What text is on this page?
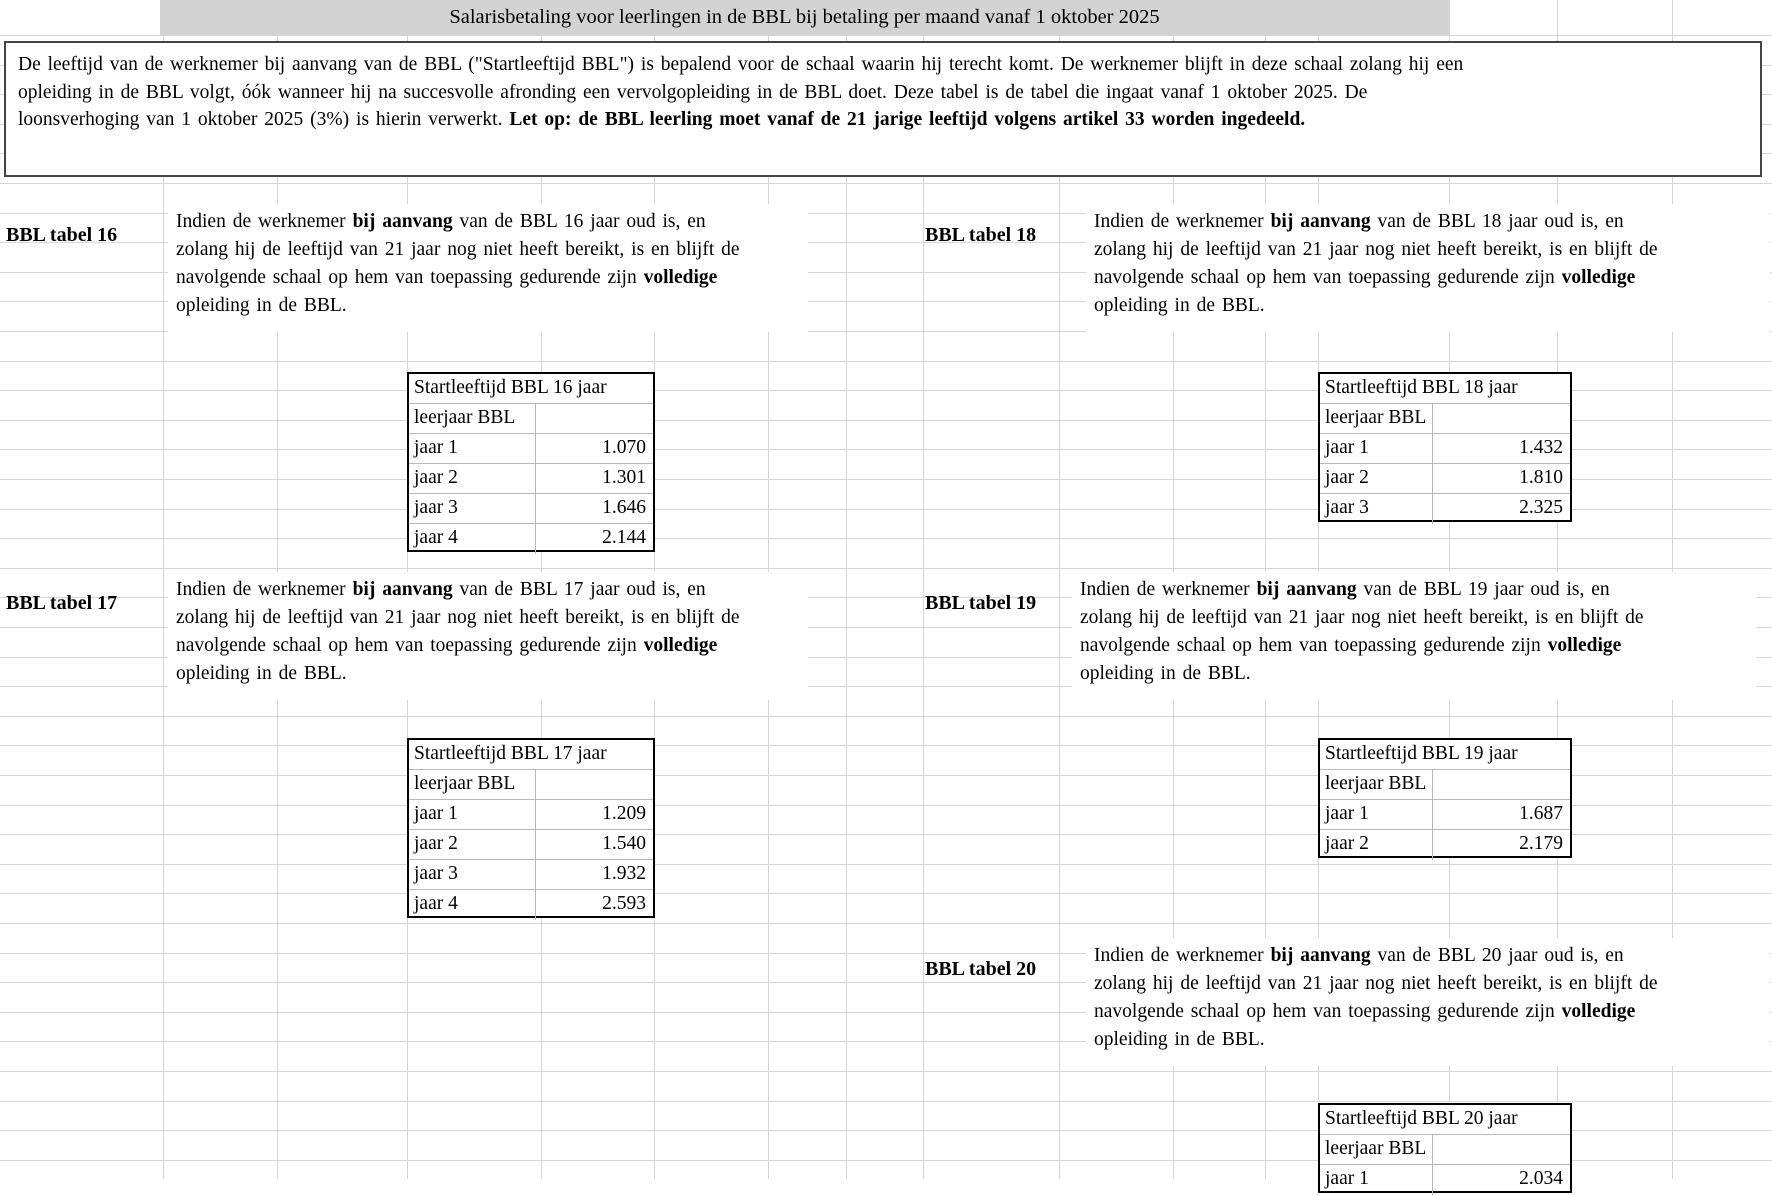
Salarisbetaling voor leerlingen in de BBL bij betaling per maand vanaf 1 oktober 2025
De leeftijd van de werknemer bij aanvang van de BBL ("Startleeftijd BBL") is bepalend voor de schaal waarin hij terecht komt. De werknemer blijft in deze schaal zolang hij een
opleiding in de BBL volgt, óók wanneer hij na succesvolle afronding een vervolgopleiding in de BBL doet. Deze tabel is de tabel die ingaat vanaf 1 oktober 2025. De
loonsverhoging van 1 oktober 2025 (3%) is hierin verwerkt. Let op: de BBL leerling moet vanaf de 21 jarige leeftijd volgens artikel 33 worden ingedeeld.
BBL tabel 16
Indien de werknemer bij aanvang van de BBL 16 jaar oud is, en
zolang hij de leeftijd van 21 jaar nog niet heeft bereikt, is en blijft de
navolgende schaal op hem van toepassing gedurende zijn volledige
opleiding in de BBL.
Startleeftijd BBL 16 jaar
leerjaar BBL
jaar 1	1.070
jaar 2	1.301
jaar 3	1.646
jaar 4	2.144
BBL tabel 17
Indien de werknemer bij aanvang van de BBL 17 jaar oud is, en
zolang hij de leeftijd van 21 jaar nog niet heeft bereikt, is en blijft de
navolgende schaal op hem van toepassing gedurende zijn volledige
opleiding in de BBL.
Startleeftijd BBL 17 jaar
leerjaar BBL
jaar 1	1.209
jaar 2	1.540
jaar 3	1.932
jaar 4	2.593
BBL tabel 18
Indien de werknemer bij aanvang van de BBL 18 jaar oud is, en
zolang hij de leeftijd van 21 jaar nog niet heeft bereikt, is en blijft de
navolgende schaal op hem van toepassing gedurende zijn volledige
opleiding in de BBL.
Startleeftijd BBL 18 jaar
leerjaar BBL
jaar 1	1.432
jaar 2	1.810
jaar 3	2.325
BBL tabel 19
Indien de werknemer bij aanvang van de BBL 19 jaar oud is, en
zolang hij de leeftijd van 21 jaar nog niet heeft bereikt, is en blijft de
navolgende schaal op hem van toepassing gedurende zijn volledige
opleiding in de BBL.
Startleeftijd BBL 19 jaar
leerjaar BBL
jaar 1	1.687
jaar 2	2.179
BBL tabel 20
Indien de werknemer bij aanvang van de BBL 20 jaar oud is, en
zolang hij de leeftijd van 21 jaar nog niet heeft bereikt, is en blijft de
navolgende schaal op hem van toepassing gedurende zijn volledige
opleiding in de BBL.
Startleeftijd BBL 20 jaar
leerjaar BBL
jaar 1	2.034
